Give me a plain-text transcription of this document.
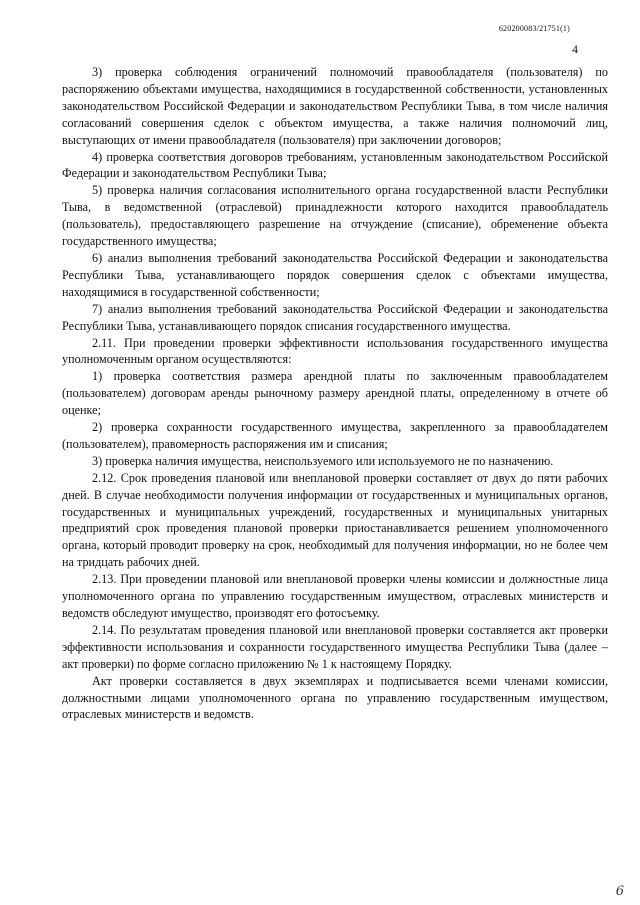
620200083/21751(1)
4

3) проверка соблюдения ограничений полномочий правообладателя (пользователя) по распоряжению объектами имущества, находящимися в государственной собственности, установленных законодательством Российской Федерации и законодательством Республики Тыва, в том числе наличия согласований совершения сделок с объектом имущества, а также наличия полномочий лиц, выступающих от имени правообладателя (пользователя) при заключении договоров;

4) проверка соответствия договоров требованиям, установленным законодательством Российской Федерации и законодательством Республики Тыва;

5) проверка наличия согласования исполнительного органа государственной власти Республики Тыва, в ведомственной (отраслевой) принадлежности которого находится правообладатель (пользователь), предоставляющего разрешение на отчуждение (списание), обременение объекта государственного имущества;

6) анализ выполнения требований законодательства Российской Федерации и законодательства Республики Тыва, устанавливающего порядок совершения сделок с объектами имущества, находящимися в государственной собственности;

7) анализ выполнения требований законодательства Российской Федерации и законодательства Республики Тыва, устанавливающего порядок списания государственного имущества.

2.11. При проведении проверки эффективности использования государственного имущества уполномоченным органом осуществляются:

1) проверка соответствия размера арендной платы по заключенным правообладателем (пользователем) договорам аренды рыночному размеру арендной платы, определенному в отчете об оценке;

2) проверка сохранности государственного имущества, закрепленного за правообладателем (пользователем), правомерность распоряжения им и списания;

3) проверка наличия имущества, неиспользуемого или используемого не по назначению.

2.12. Срок проведения плановой или внеплановой проверки составляет от двух до пяти рабочих дней. В случае необходимости получения информации от государственных и муниципальных органов, государственных и муниципальных учреждений, государственных и муниципальных унитарных предприятий срок проведения плановой проверки приостанавливается решением уполномоченного органа, который проводит проверку на срок, необходимый для получения информации, но не более чем на тридцать рабочих дней.

2.13. При проведении плановой или внеплановой проверки члены комиссии и должностные лица уполномоченного органа по управлению государственным имуществом, отраслевых министерств и ведомств обследуют имущество, производят его фотосъемку.

2.14. По результатам проведения плановой или внеплановой проверки составляется акт проверки эффективности использования и сохранности государственного имущества Республики Тыва (далее – акт проверки) по форме согласно приложению № 1 к настоящему Порядку.

Акт проверки составляется в двух экземплярах и подписывается всеми членами комиссии, должностными лицами уполномоченного органа по управлению государственным имуществом, отраслевых министерств и ведомств.

6
